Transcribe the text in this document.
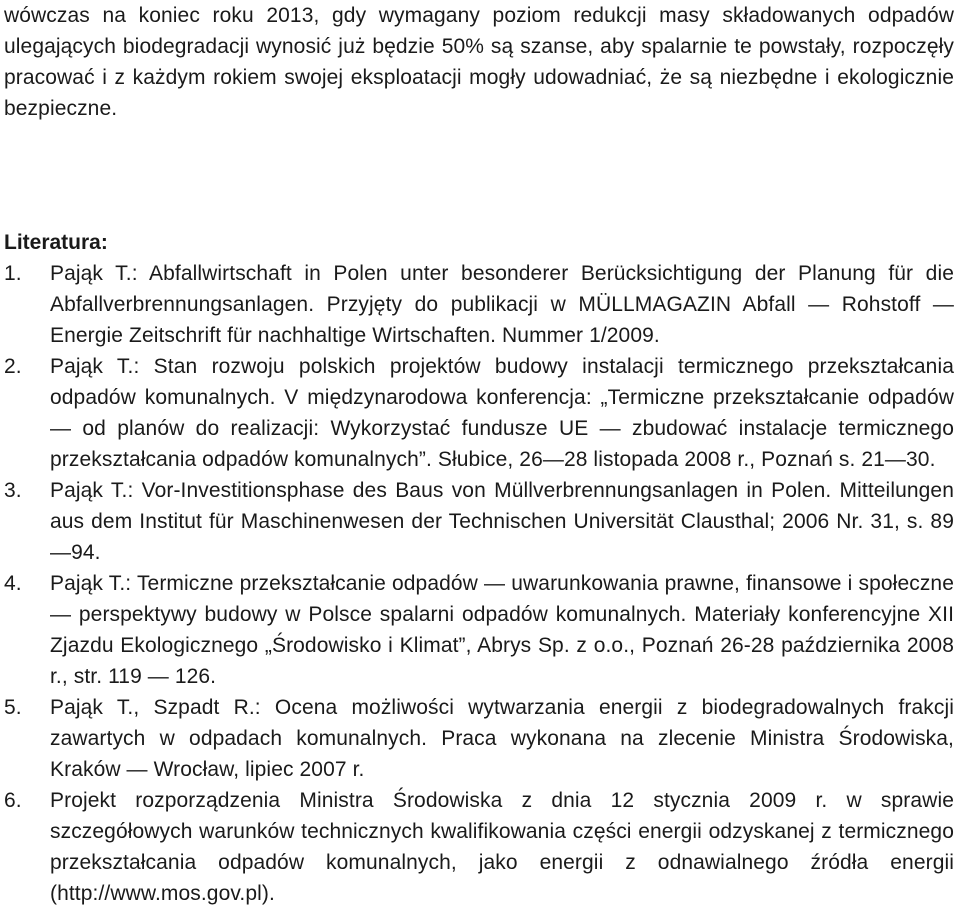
wówczas na koniec roku 2013, gdy wymagany poziom redukcji masy składowanych odpadów ulegających biodegradacji wynosić już będzie 50% są szanse, aby spalarnie te powstały, rozpoczęły pracować i z każdym rokiem swojej eksploatacji mogły udowadniać, że są niezbędne i ekologicznie bezpieczne.

Literatura:
1.	Pająk T.: Abfallwirtschaft in Polen unter besonderer Berücksichtigung der Planung für die Abfallverbrennungsanlagen. Przyjęty do publikacji w MÜLLMAGAZIN Abfall — Rohstoff — Energie Zeitschrift für nachhaltige Wirtschaften. Nummer 1/2009.
2.	Pająk T.: Stan rozwoju polskich projektów budowy instalacji termicznego przekształcania odpadów komunalnych. V międzynarodowa konferencja: „Termiczne przekształcanie odpadów — od planów do realizacji: Wykorzystać fundusze UE — zbudować instalacje termicznego przekształcania odpadów komunalnych”. Słubice, 26—28 listopada 2008 r., Poznań s. 21—30.
3.	Pająk T.: Vor-Investitionsphase des Baus von Müllverbrennungsanlagen in Polen. Mitteilungen aus dem Institut für Maschinenwesen der Technischen Universität Clausthal; 2006 Nr. 31, s. 89—94.
4.	Pająk T.: Termiczne przekształcanie odpadów — uwarunkowania prawne, finansowe i społeczne — perspektywy budowy w Polsce spalarni odpadów komunalnych. Materiały konferencyjne XII Zjazdu Ekologicznego „Środowisko i Klimat”, Abrys Sp. z o.o., Poznań 26-28 października 2008 r., str. 119 — 126.
5.	Pająk T., Szpadt R.: Ocena możliwości wytwarzania energii z biodegradowalnych frakcji zawartych w odpadach komunalnych. Praca wykonana na zlecenie Ministra Środowiska, Kraków — Wrocław, lipiec 2007 r.
6.	Projekt rozporządzenia Ministra Środowiska z dnia 12 stycznia 2009 r. w sprawie szczegółowych warunków technicznych kwalifikowania części energii odzyskanej z termicznego przekształcania odpadów komunalnych, jako energii z odnawialnego źródła energii (http://www.mos.gov.pl).
